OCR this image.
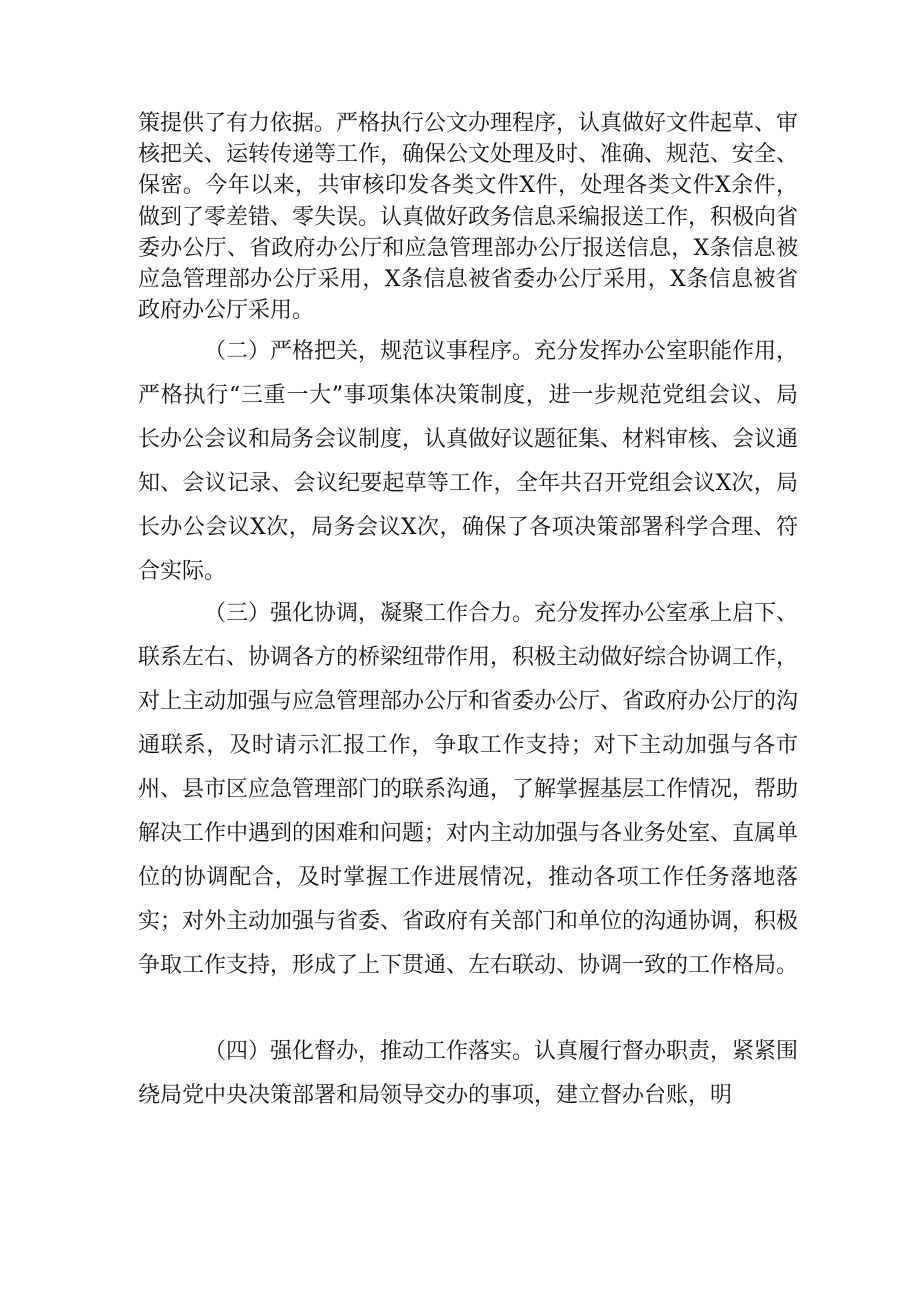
策提供了有力依据。严格执行公文办理程序，认真做好文件起草、审核把关、运转传递等工作，确保公文处理及时、准确、规范、安全、保密。今年以来，共审核印发各类文件X件，处理各类文件X余件，做到了零差错、零失误。认真做好政务信息采编报送工作，积极向省委办公厅、省政府办公厅和应急管理部办公厅报送信息，X条信息被应急管理部办公厅采用，X条信息被省委办公厅采用，X条信息被省政府办公厅采用。

（二）严格把关，规范议事程序。充分发挥办公室职能作用，严格执行“三重一大”事项集体决策制度，进一步规范党组会议、局长办公会议和局务会议制度，认真做好议题征集、材料审核、会议通知、会议记录、会议纪要起草等工作，全年共召开党组会议X次，局长办公会议X次，局务会议X次，确保了各项决策部署科学合理、符合实际。

（三）强化协调，凝聚工作合力。充分发挥办公室承上启下、联系左右、协调各方的桥梁纽带作用，积极主动做好综合协调工作，对上主动加强与应急管理部办公厅和省委办公厅、省政府办公厅的沟通联系，及时请示汇报工作，争取工作支持；对下主动加强与各市州、县市区应急管理部门的联系沟通，了解掌握基层工作情况，帮助解决工作中遇到的困难和问题；对内主动加强与各业务处室、直属单位的协调配合，及时掌握工作进展情况，推动各项工作任务落地落实；对外主动加强与省委、省政府有关部门和单位的沟通协调，积极争取工作支持，形成了上下贯通、左右联动、协调一致的工作格局。

（四）强化督办，推动工作落实。认真履行督办职责，紧紧围绕局党中央决策部署和局领导交办的事项，建立督办台账，明
